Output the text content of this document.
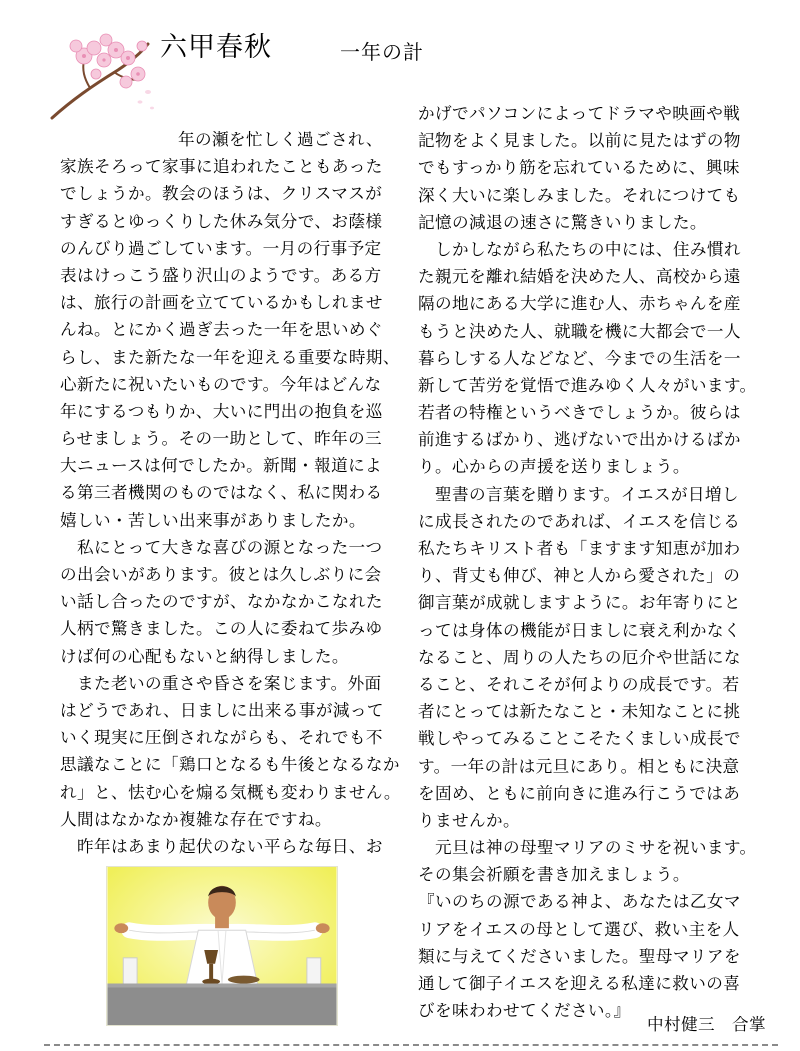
六甲春秋	一年の計
年の瀬を忙しく過ごされ、
家族そろって家事に追われたこともあった
でしょうか。教会のほうは、クリスマスが
すぎるとゆっくりした休み気分で、お蔭様
のんびり過ごしています。一月の行事予定
表はけっこう盛り沢山のようです。ある方
は、旅行の計画を立てているかもしれませ
んね。とにかく過ぎ去った一年を思いめぐ
らし、また新たな一年を迎える重要な時期、
心新たに祝いたいものです。今年はどんな
年にするつもりか、大いに門出の抱負を巡
らせましょう。その一助として、昨年の三
大ニュースは何でしたか。新聞・報道によ
る第三者機関のものではなく、私に関わる
嬉しい・苦しい出来事がありましたか。
　私にとって大きな喜びの源となった一つ
の出会いがあります。彼とは久しぶりに会
い話し合ったのですが、なかなかこなれた
人柄で驚きました。この人に委ねて歩みゆ
けば何の心配もないと納得しました。
　また老いの重さや昏さを案じます。外面
はどうであれ、日ましに出来る事が減って
いく現実に圧倒されながらも、それでも不
思議なことに「鶏口となるも牛後となるなか
れ」と、怯む心を煽る気概も変わりません。
人間はなかなか複雑な存在ですね。
　昨年はあまり起伏のない平らな毎日、お
かげでパソコンによってドラマや映画や戦
記物をよく見ました。以前に見たはずの物
でもすっかり筋を忘れているために、興味
深く大いに楽しみました。それにつけても
記憶の減退の速さに驚きいりました。
　しかしながら私たちの中には、住み慣れ
た親元を離れ結婚を決めた人、高校から遠
隔の地にある大学に進む人、赤ちゃんを産
もうと決めた人、就職を機に大都会で一人
暮らしする人などなど、今までの生活を一
新して苦労を覚悟で進みゆく人々がいます。
若者の特権というべきでしょうか。彼らは
前進するばかり、逃げないで出かけるばか
り。心からの声援を送りましょう。
　聖書の言葉を贈ります。イエスが日増し
に成長されたのであれば、イエスを信じる
私たちキリスト者も「ますます知恵が加わ
り、背丈も伸び、神と人から愛された」の
御言葉が成就しますように。お年寄りにと
っては身体の機能が日ましに衰え利かなく
なること、周りの人たちの厄介や世話にな
ること、それこそが何よりの成長です。若
者にとっては新たなこと・未知なことに挑
戦しやってみることこそたくましい成長で
す。一年の計は元旦にあり。相ともに決意
を固め、ともに前向きに進み行こうではあ
りませんか。
　元旦は神の母聖マリアのミサを祝います。
その集会祈願を書き加えましょう。
『いのちの源である神よ、あなたは乙女マ
リアをイエスの母として選び、救い主を人
類に与えてくださいました。聖母マリアを
通して御子イエスを迎える私達に救いの喜
びを味わわせてください。』
中村健三　合掌
